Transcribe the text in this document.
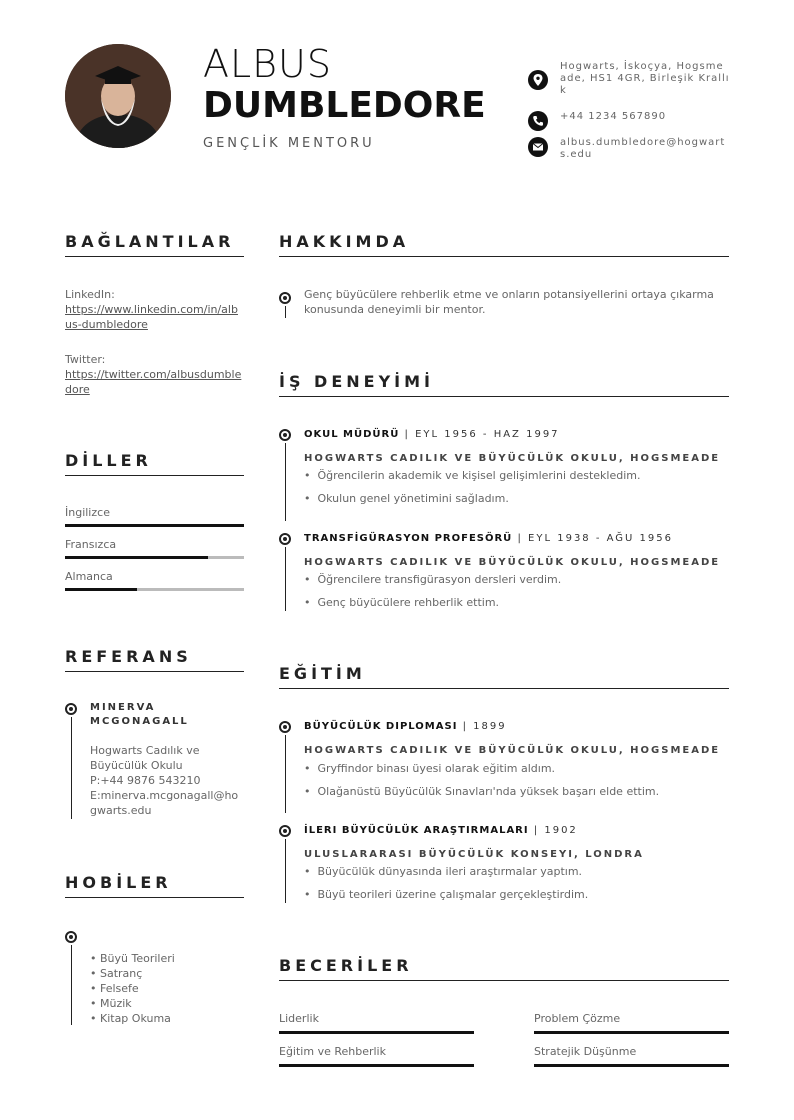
ALBUS
DUMBLEDORE
GENÇLİK MENTORU
Hogwarts, İskoçya, Hogsmeade, HS1 4GR, Birleşik Krallık
+44 1234 567890
albus.dumbledore@hogwarts.edu
BAĞLANTILAR
LinkedIn:
https://www.linkedin.com/in/albus-dumbledore
Twitter:
https://twitter.com/albusdumbledore
DİLLER
İngilizce
Fransızca
Almanca
REFERANS
MINERVA MCGONAGALL
Hogwarts Cadılık ve Büyücülük Okulu
P:+44 9876 543210
E:minerva.mcgonagall@hogwarts.edu
HOBİLER
• Büyü Teorileri
• Satranç
• Felsefe
• Müzik
• Kitap Okuma
HAKKIMDA
Genç büyücülere rehberlik etme ve onların potansiyellerini ortaya çıkarma konusunda deneyimli bir mentor.
İŞ DENEYİMİ
OKUL MÜDÜRÜ | EYL 1956 - HAZ 1997
HOGWARTS CADILIK VE BÜYÜCÜLÜK OKULU, HOGSMEADE
•  Öğrencilerin akademik ve kişisel gelişimlerini destekledim.
•  Okulun genel yönetimini sağladım.
TRANSFİGÜRASYON PROFESÖRÜ | EYL 1938 - AĞU 1956
HOGWARTS CADILIK VE BÜYÜCÜLÜK OKULU, HOGSMEADE
•  Öğrencilere transfigürasyon dersleri verdim.
•  Genç büyücülere rehberlik ettim.
EĞİTİM
BÜYÜCÜLÜK DIPLOMASI | 1899
HOGWARTS CADILIK VE BÜYÜCÜLÜK OKULU, HOGSMEADE
•  Gryffindor binası üyesi olarak eğitim aldım.
•  Olağanüstü Büyücülük Sınavları'nda yüksek başarı elde ettim.
İLERI BÜYÜCÜLÜK ARAŞTIRMALARI | 1902
ULUSLARARASI BÜYÜCÜLÜK KONSEYI, LONDRA
•  Büyücülük dünyasında ileri araştırmalar yaptım.
•  Büyü teorileri üzerine çalışmalar gerçekleştirdim.
BECERİLER
Liderlik	Problem Çözme
Eğitim ve Rehberlik	Stratejik Düşünme
